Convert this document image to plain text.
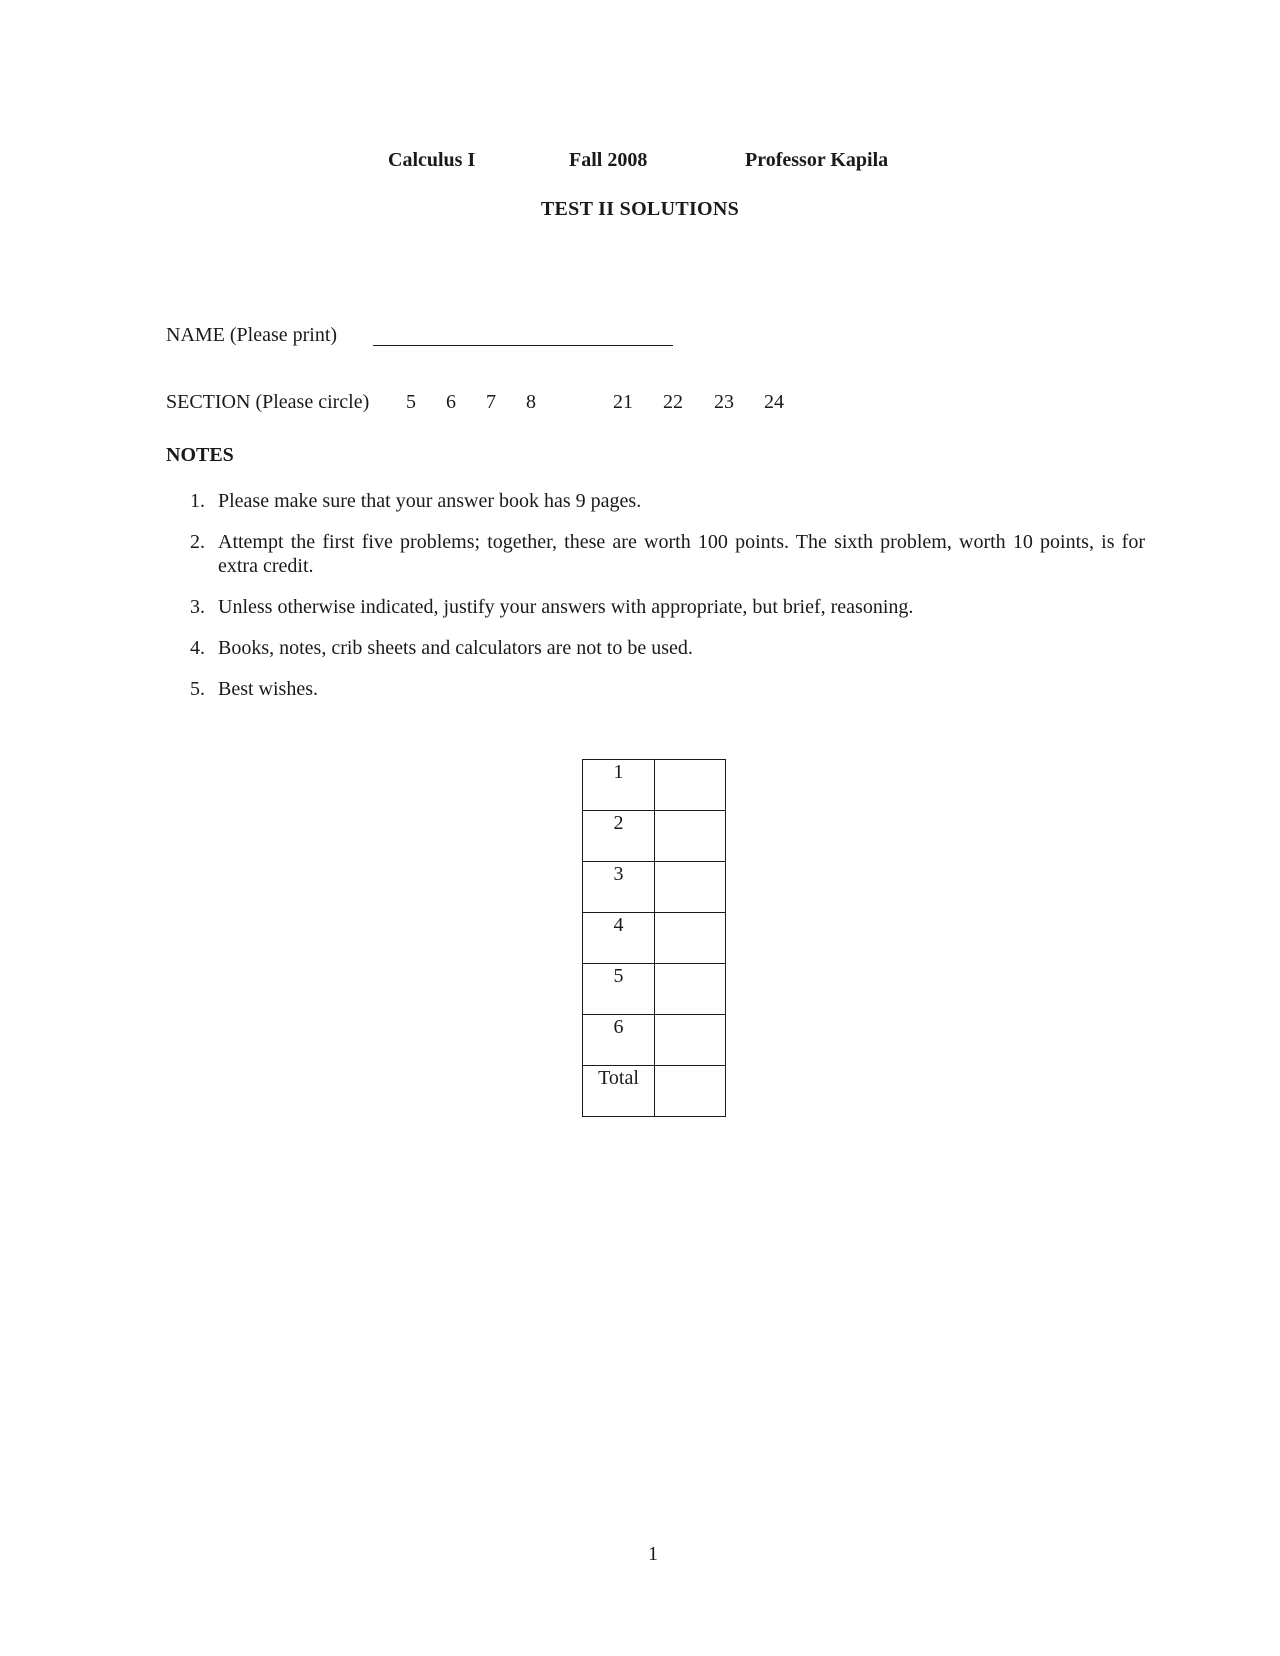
Calculus I	Fall 2008	Professor Kapila
TEST II SOLUTIONS
NAME (Please print)
SECTION (Please circle) 5 6 7 8	21 22 23 24
NOTES
1. Please make sure that your answer book has 9 pages.
2. Attempt the first five problems; together, these are worth 100 points. The sixth problem, worth 10 points, is for extra credit.
3. Unless otherwise indicated, justify your answers with appropriate, but brief, reasoning.
4. Books, notes, crib sheets and calculators are not to be used.
5. Best wishes.
1	
2	
3	
4	
5	
6	
Total	
1
